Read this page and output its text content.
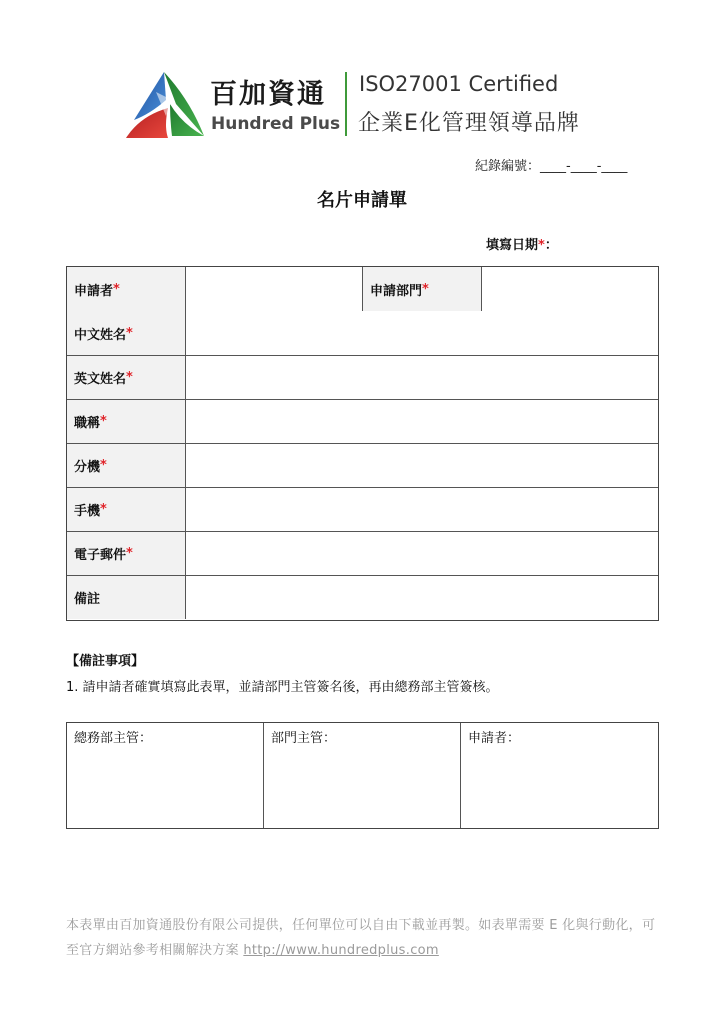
百加資通
Hundred Plus
ISO27001 Certified
企業E化管理領導品牌
紀錄編號：____-____-____
名片申請單
填寫日期*：
申請者 *	申請部門 *
中文姓名 *
英文姓名 *
職稱 *
分機 *
手機 *
電子郵件 *
備註
【備註事項】
1. 請申請者確實填寫此表單，並請部門主管簽名後，再由總務部主管簽核。
總務部主管：	部門主管：	申請者：
本表單由百加資通股份有限公司提供，任何單位可以自由下載並再製。如表單需要 E 化與行動化，可至官方網站參考相關解決方案 http://www.hundredplus.com
